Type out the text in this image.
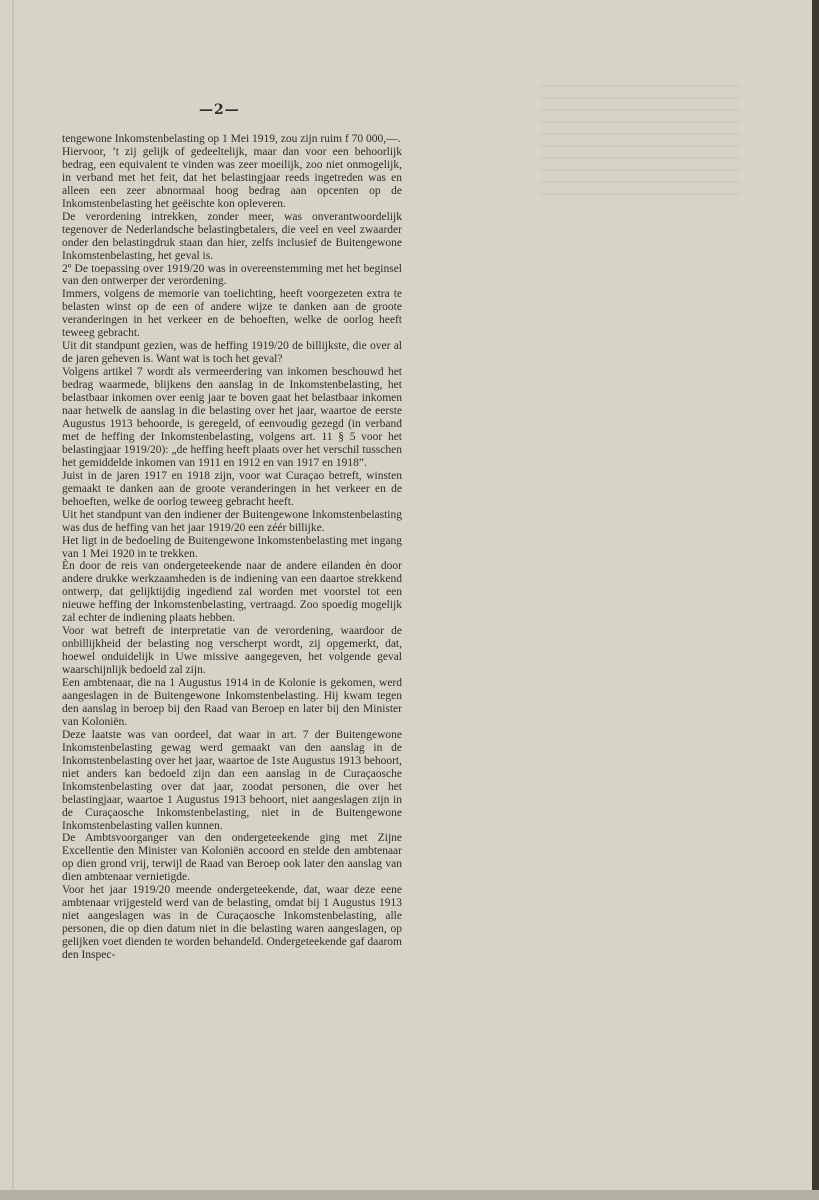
—2—

tengewone Inkomstenbelasting op 1 Mei 1919, zou zijn ruim f 70 000,—.

Hiervoor, ’t zij gelijk of gedeeltelijk, maar dan voor een behoorlijk bedrag, een equivalent te vinden was zeer moeilijk, zoo niet onmogelijk, in verband met het feit, dat het belastingjaar reeds ingetreden was en alleen een zeer abnormaal hoog bedrag aan opcenten op de Inkomstenbelasting het geëischte kon opleveren.

De verordening intrekken, zonder meer, was onverantwoordelijk tegenover de Nederlandsche belastingbetalers, die veel en veel zwaarder onder den belastingdruk staan dan hier, zelfs inclusief de Buitengewone Inkomstenbelasting, het geval is.

2º De toepassing over 1919/20 was in overeenstemming met het beginsel van den ontwerper der verordening.

Immers, volgens de memorie van toelichting, heeft voorgezeten extra te belasten winst op de een of andere wijze te danken aan de groote veranderingen in het verkeer en de behoeften, welke de oorlog heeft teweeg gebracht.

Uit dit standpunt gezien, was de heffing 1919/20 de billijkste, die over al de jaren geheven is. Want wat is toch het geval?

Volgens artikel 7 wordt als vermeerdering van inkomen beschouwd het bedrag waarmede, blijkens den aanslag in de Inkomstenbelasting, het belastbaar inkomen over eenig jaar te boven gaat het belastbaar inkomen naar hetwelk de aanslag in die belasting over het jaar, waartoe de eerste Augustus 1913 behoorde, is geregeld, of eenvoudig gezegd (in verband met de heffing der Inkomstenbelasting, volgens art. 11 § 5 voor het belastingjaar 1919/20): „de heffing heeft plaats over het verschil tusschen het gemiddelde inkomen van 1911 en 1912 en van 1917 en 1918”.

Juist in de jaren 1917 en 1918 zijn, voor wat Curaçao betreft, winsten gemaakt te danken aan de groote veranderingen in het verkeer en de behoeften, welke de oorlog teweeg gebracht heeft.

Uit het standpunt van den indiener der Buitengewone Inkomstenbelasting was dus de heffing van het jaar 1919/20 een zéér billijke.

Het ligt in de bedoeling de Buitengewone Inkomstenbelasting met ingang van 1 Mei 1920 in te trekken.

Èn door de reis van ondergeteekende naar de andere eilanden èn door andere drukke werkzaamheden is de indiening van een daartoe strekkend ontwerp, dat gelijktijdig ingediend zal worden met voorstel tot een nieuwe heffing der Inkomstenbelasting, vertraagd. Zoo spoedig mogelijk zal echter de indiening plaats hebben.

Voor wat betreft de interpretatie van de verordening, waardoor de onbillijkheid der belasting nog verscherpt wordt, zij opgemerkt, dat, hoewel onduidelijk in Uwe missive aangegeven, het volgende geval waarschijnlijk bedoeld zal zijn.

Een ambtenaar, die na 1 Augustus 1914 in de Kolonie is gekomen, werd aangeslagen in de Buitengewone Inkomstenbelasting. Hij kwam tegen den aanslag in beroep bij den Raad van Beroep en later bij den Minister van Koloniën.

Deze laatste was van oordeel, dat waar in art. 7 der Buitengewone Inkomstenbelasting gewag werd gemaakt van den aanslag in de Inkomstenbelasting over het jaar, waartoe de 1ste Augustus 1913 behoort, niet anders kan bedoeld zijn dan een aanslag in de Curaçaosche Inkomstenbelasting over dat jaar, zoodat personen, die over het belastingjaar, waartoe 1 Augustus 1913 behoort, niet aangeslagen zijn in de Curaçaosche Inkomstenbelasting, niet in de Buitengewone Inkomstenbelasting vallen kunnen.

De Ambtsvoorganger van den ondergeteekende ging met Zijne Excellentie den Minister van Koloniën accoord en stelde den ambtenaar op dien grond vrij, terwijl de Raad van Beroep ook later den aanslag van dien ambtenaar vernietigde.

Voor het jaar 1919/20 meende ondergeteekende, dat, waar deze eene ambtenaar vrijgesteld werd van de belasting, omdat bij 1 Augustus 1913 niet aangeslagen was in de Curaçaosche Inkomstenbelasting, alle personen, die op dien datum niet in die belasting waren aangeslagen, op gelijken voet dienden te worden behandeld. Ondergeteekende gaf daarom den Inspec-
